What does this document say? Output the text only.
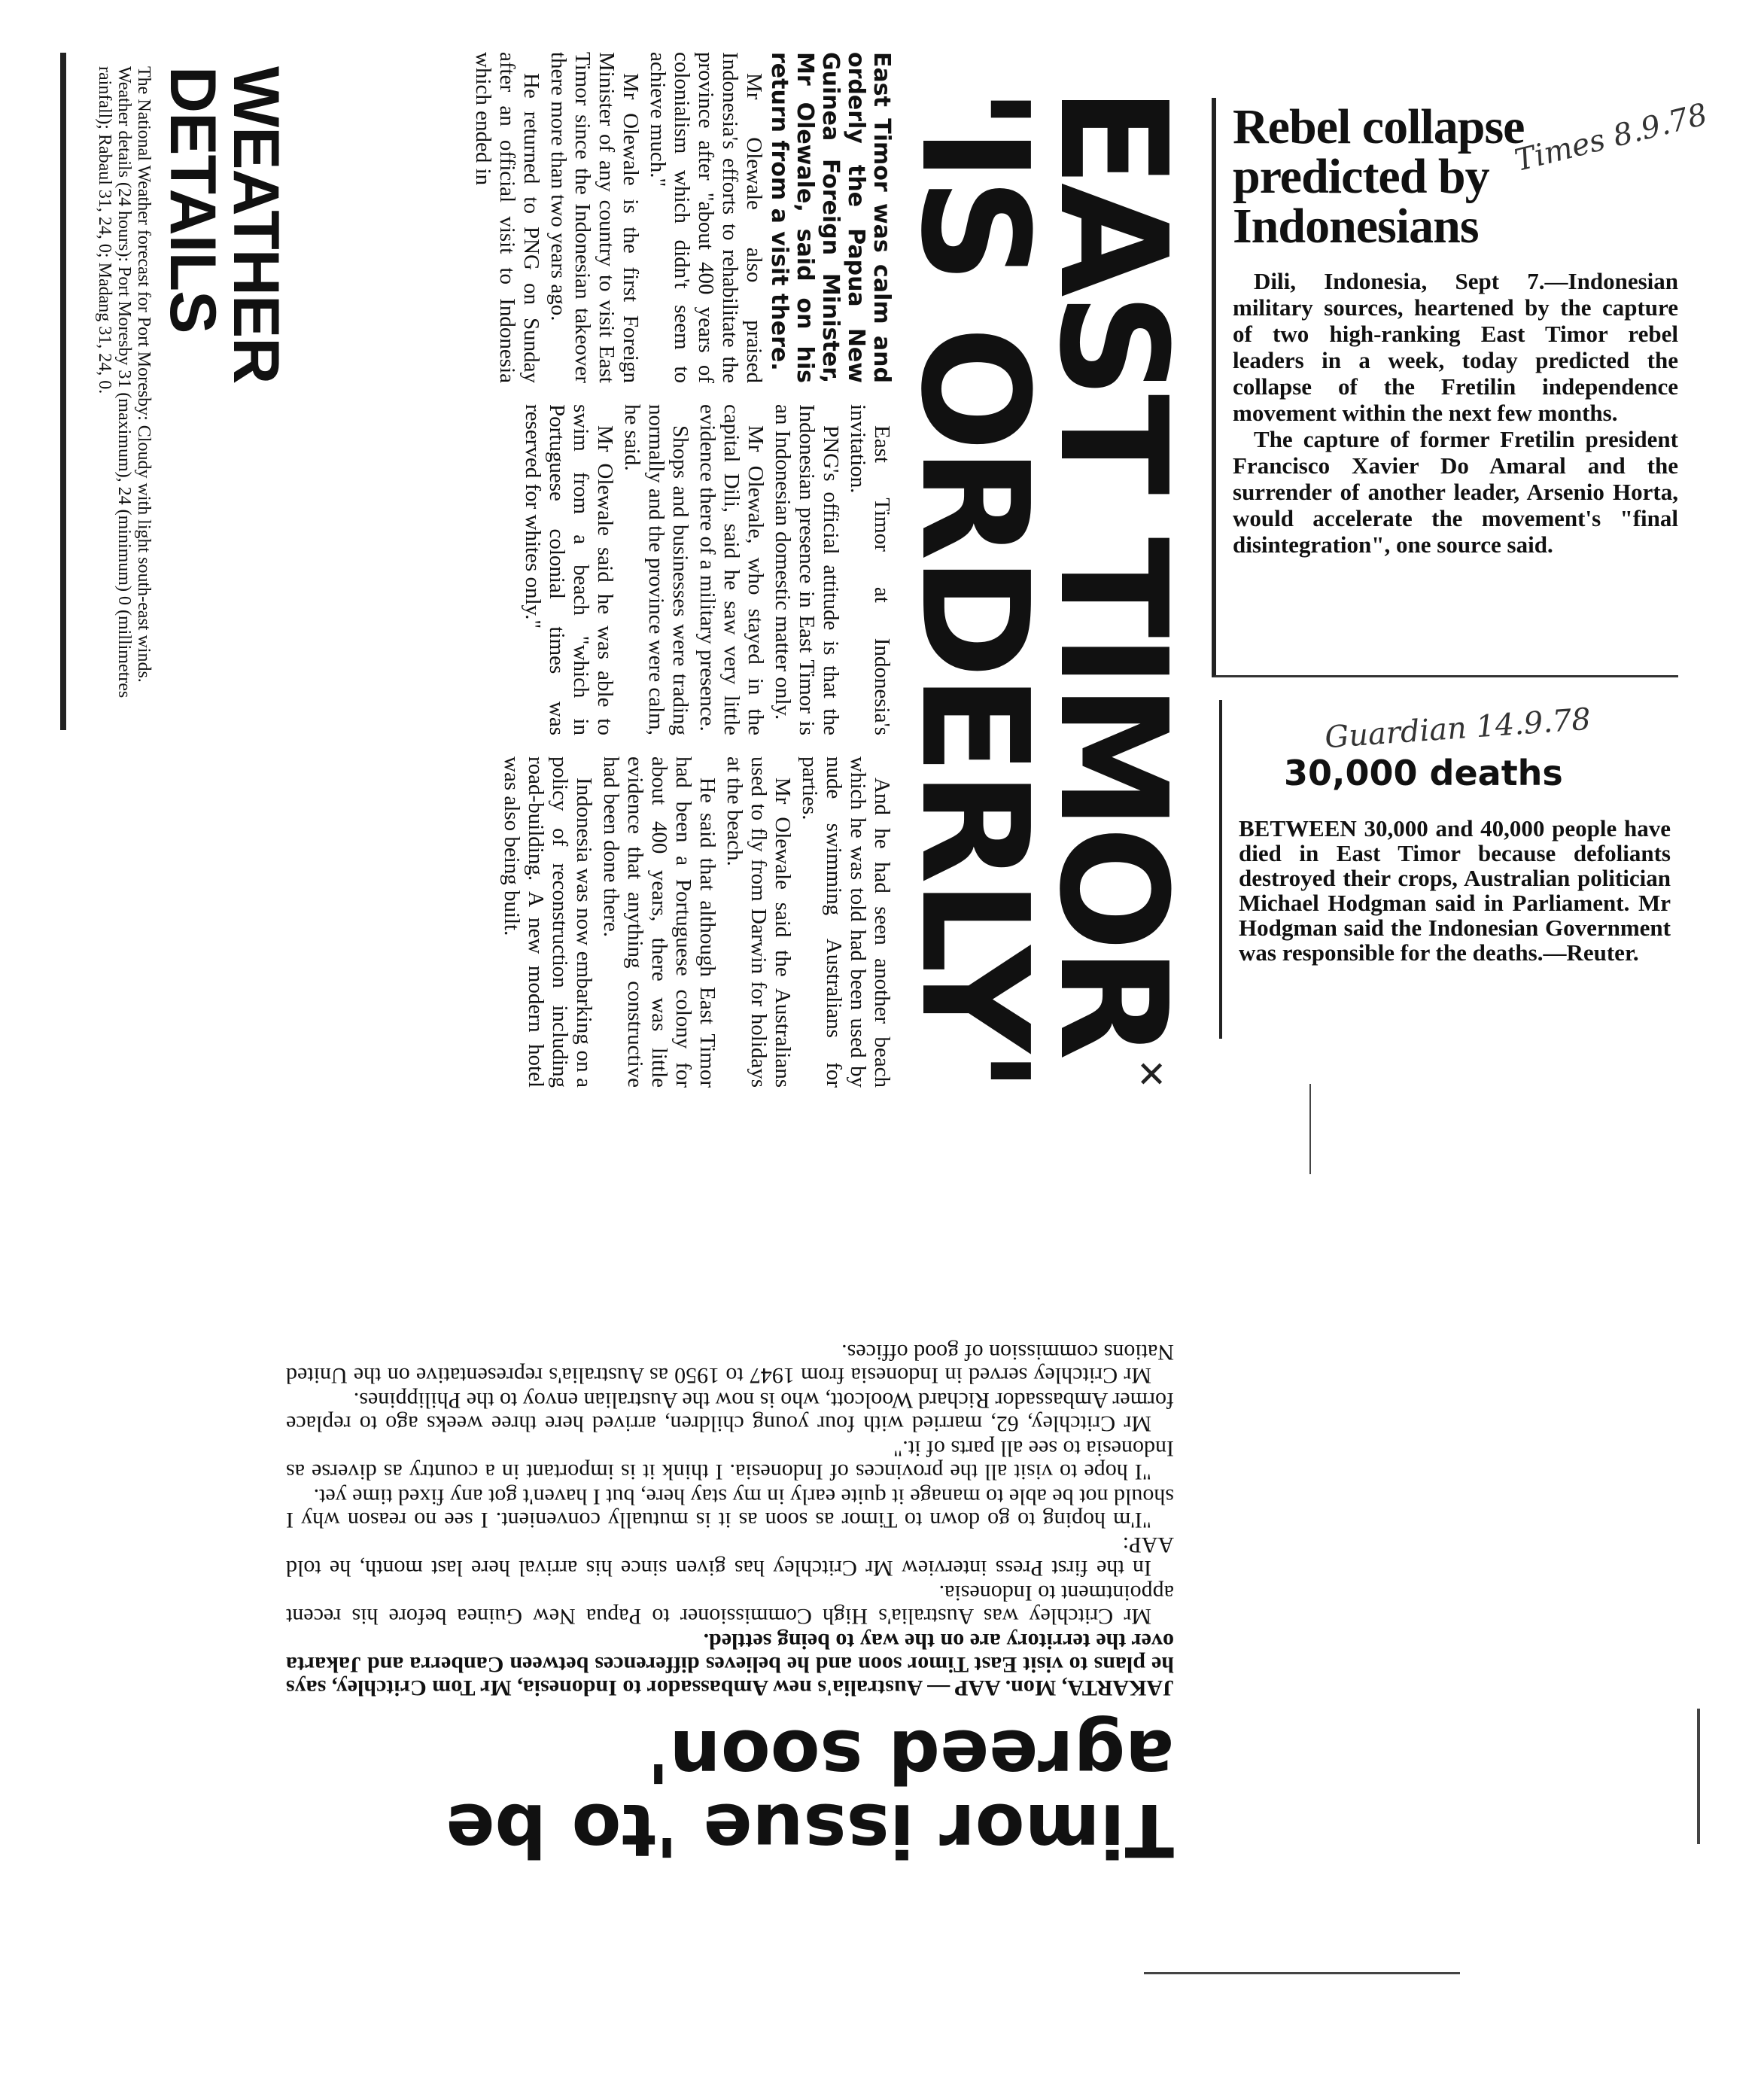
WEATHER
DETAILS

The National Weather forecast for Port Moresby: Cloudy with light south-east winds. Weather details (24 hours): Port Moresby 31 (maximum), 24 (minimum) 0 (millimetres rainfall); Rabaul 31, 24, 0; Madang 31, 24, 0.	EAST TIMOR 'IS ORDERLY'
East Timor was calm and orderly the Papua New Guinea Foreign Minister, Mr Olewale, said on his return from a visit there.

Mr Olewale also praised Indonesia's efforts to rehabilitate the province after "about 400 years of colonialism which didn't seem to achieve much."

Mr Olewale is the first Foreign Minister of any country to visit East Timor since the Indonesian takeover there more than two years ago.

He returned to PNG on Sunday after an official visit to Indonesia which ended in

East Timor at Indonesia's invitation.

PNG's official attitude is that the Indonesian presence in East Timor is an Indonesian domestic matter only.

Mr Olewale, who stayed in the capital Dili, said he saw very little evidence there of a military presence.

Shops and businesses were trading normally and the province were calm, he said.

Mr Olewale said he was able to swim from a beach "which in Portuguese colonial times was reserved for whites only."

And he had seen another beach which he was told had been used by nude swimming Australians for parties.

Mr Olewale said the Australians used to fly from Darwin for holidays at the beach.

He said that although East Timor had been a Portuguese colony for about 400 years, there was little evidence that anything constructive had been done there.

Indonesia was now embarking on a policy of reconstruction including road-building. A new modern hotel was also being built.

Rebel collapse predicted by Indonesians

Dili, Indonesia, Sept 7.—Indonesian military sources, heartened by the capture of two high-ranking East Timor rebel leaders in a week, today predicted the collapse of the Fretilin independence movement within the next few months.

The capture of former Fretilin president Francisco Xavier Do Amaral and the surrender of another leader, Arsenio Horta, would accelerate the movement's "final disintegration", one source said.

Times 8.9.78
30,000 deaths

BETWEEN 30,000 and 40,000 people have died in East Timor because defoliants destroyed their crops, Australian politician Michael Hodgman said in Parliament. Mr Hodgman said the Indonesian Government was responsible for the deaths.—Reuter.

Guardian 14.9.78
Timor issue 'to be agreed soon'

JAKARTA, Mon. AAP — Australia's new Ambassador to Indonesia, Mr Tom Critchley, says he plans to visit East Timor soon and he believes differences between Canberra and Jakarta over the territory are on the way to being settled.

Mr Critchley was Australia's High Commissioner to Papua New Guinea before his recent appointment to Indonesia.

In the first Press interview Mr Critchley has given since his arrival here last month, he told AAP:

"I'm hoping to go down to Timor as soon as it is mutually convenient. I see no reason why I should not be able to manage it quite early in my stay here, but I haven't got any fixed time yet.

"I hope to visit all the provinces of Indonesia. I think it is important in a country as diverse as Indonesia to see all parts of it."

Mr Critchley, 62, married with four young children, arrived here three weeks ago to replace former Ambassador Richard Woolcott, who is now the Australian envoy to the Philippines.

Mr Critchley served in Indonesia from 1947 to 1950 as Australia's representative on the United Nations commission of good offices.

✕
